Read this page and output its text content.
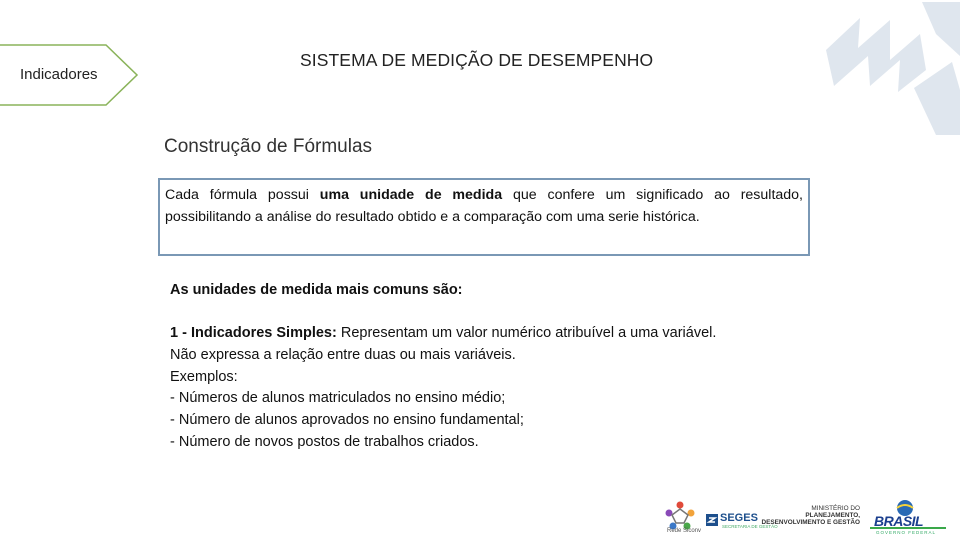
Indicadores
SISTEMA DE MEDIÇÃO DE DESEMPENHO
Construção de Fórmulas
Cada fórmula possui uma unidade de medida que confere um significado ao resultado, possibilitando a análise do resultado obtido e a comparação com uma serie histórica.
As unidades de medida mais comuns são:
1 - Indicadores Simples: Representam um valor numérico atribuível a uma variável.
Não expressa a relação entre duas ou mais variáveis.
Exemplos:
- Números de alunos matriculados no ensino médio;
- Número de alunos aprovados no ensino fundamental;
- Número de novos postos de trabalhos criados.
Rede Siconv
SEGES
SECRETARIA DE GESTÃO
MINISTÉRIO DO
PLANEJAMENTO,
DESENVOLVIMENTO E GESTÃO BRASIL
GOVERNO FEDERAL
